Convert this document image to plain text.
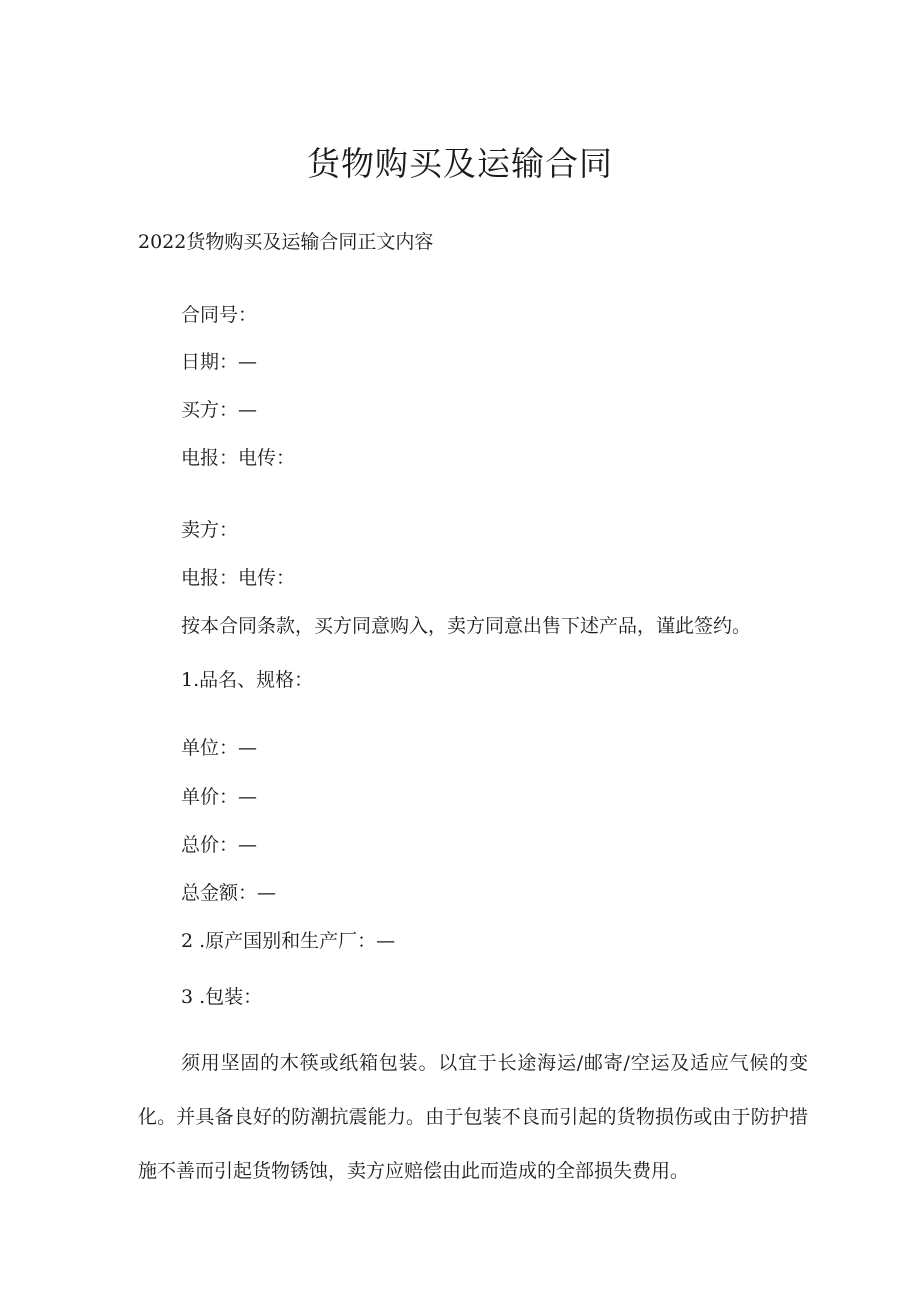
货物购买及运输合同
2022货物购买及运输合同正文内容
合同号：
日期：—
买方：—
电报：电传：
卖方：
电报：电传：
按本合同条款，买方同意购入，卖方同意出售下述产品，谨此签约。
1.品名、规格：
单位：—
单价：—
总价：—
总金额：—
2 .原产国别和生产厂：—
3 .包装：
须用坚固的木筷或纸箱包装。以宜于长途海运/邮寄/空运及适应气候的变化。并具备良好的防潮抗震能力。由于包装不良而引起的货物损伤或由于防护措施不善而引起货物锈蚀，卖方应赔偿由此而造成的全部损失费用。
